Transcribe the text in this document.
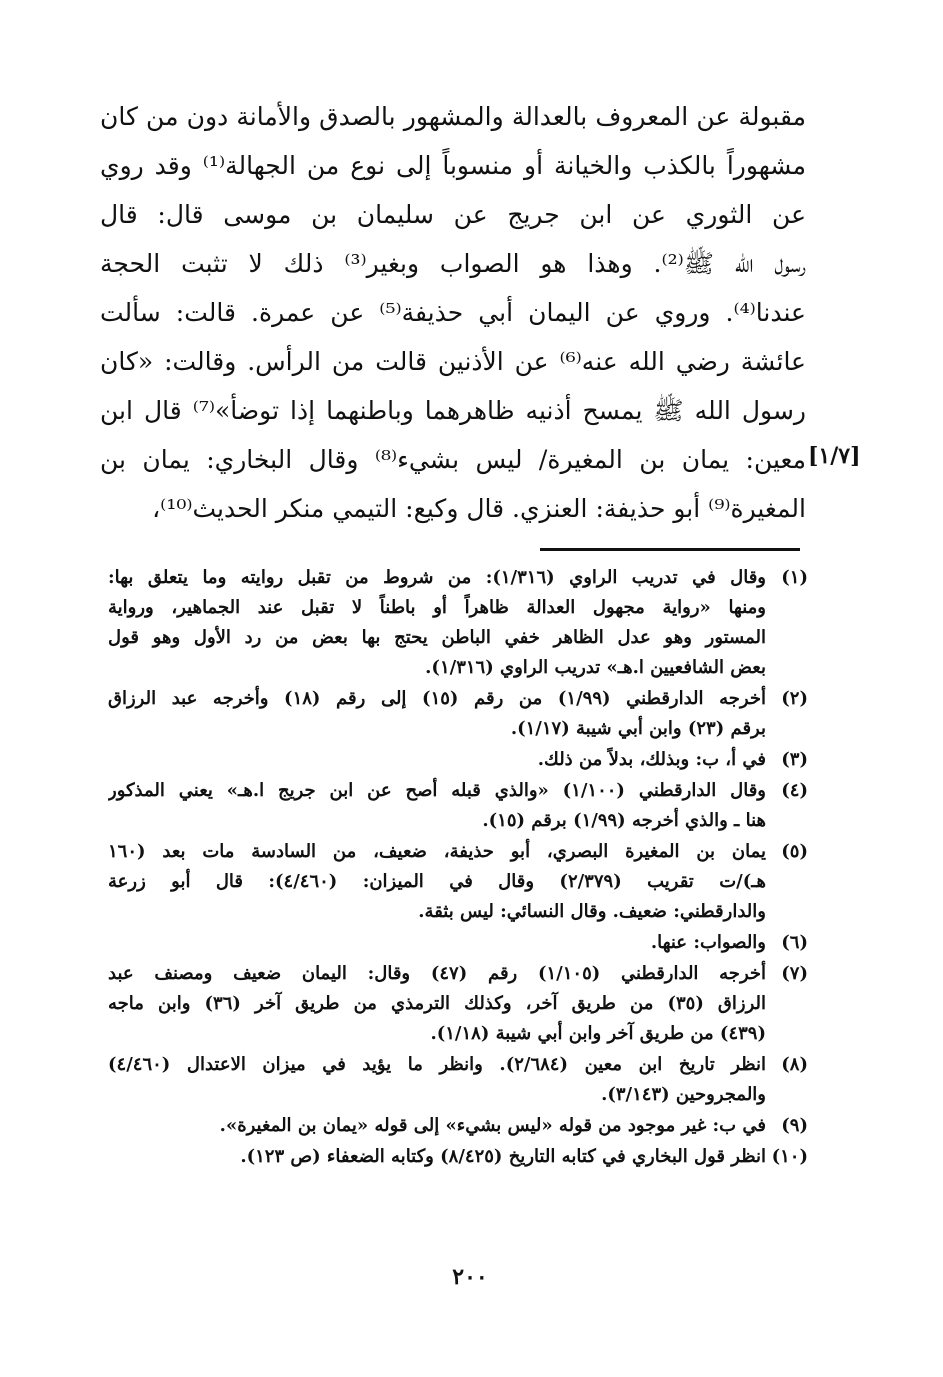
مقبولة عن المعروف بالعدالة والمشهور بالصدق والأمانة دون من كان
مشهوراً بالكذب والخيانة أو منسوباً إلى نوع من الجهالة⁽¹⁾ وقد روي
عن الثوري عن ابن جريج عن سليمان بن موسى قال: قال
رسول الله ﷺ⁽²⁾. وهذا هو الصواب وبغير⁽³⁾ ذلك لا تثبت الحجة
عندنا⁽⁴⁾. وروي عن اليمان أبي حذيفة⁽⁵⁾ عن عمرة. قالت: سألت
عائشة رضي الله عنه⁽⁶⁾ عن الأذنين قالت من الرأس. وقالت: «كان
رسول الله ﷺ يمسح أذنيه ظاهرهما وباطنهما إذا توضأ»⁽⁷⁾ قال ابن
معين: يمان بن المغيرة/ ليس بشيء⁽⁸⁾ وقال البخاري: يمان بن
المغيرة⁽⁹⁾ أبو حذيفة: العنزي. قال وكيع: التيمي منكر الحديث⁽¹⁰⁾،
[١/٧]
(١)
وقال في تدريب الراوي (١/٣١٦): من شروط من تقبل روايته وما يتعلق بها:
ومنها «رواية مجهول العدالة ظاهراً أو باطناً لا تقبل عند الجماهير، ورواية
المستور وهو عدل الظاهر خفي الباطن يحتج بها بعض من رد الأول وهو قول
بعض الشافعيين ا.هـ» تدريب الراوي (١/٣١٦).
(٢)
أخرجه الدارقطني (١/٩٩) من رقم (١٥) إلى رقم (١٨) وأخرجه عبد الرزاق
برقم (٢٣) وابن أبي شيبة (١/١٧).
(٣)
في أ، ب: وبذلك، بدلاً من ذلك.
(٤)
وقال الدارقطني (١/١٠٠) «والذي قبله أصح عن ابن جريج ا.هـ» يعني المذكور
هنا ـ والذي أخرجه (١/٩٩) برقم (١٥).
(٥)
يمان بن المغيرة البصري، أبو حذيفة، ضعيف، من السادسة مات بعد (١٦٠
هـ)/ت تقريب (٢/٣٧٩) وقال في الميزان: (٤/٤٦٠): قال أبو زرعة
والدارقطني: ضعيف. وقال النسائي: ليس بثقة.
(٦)
والصواب: عنها.
(٧)
أخرجه الدارقطني (١/١٠٥) رقم (٤٧) وقال: اليمان ضعيف ومصنف عبد
الرزاق (٣٥) من طريق آخر، وكذلك الترمذي من طريق آخر (٣٦) وابن ماجه
(٤٣٩) من طريق آخر وابن أبي شيبة (١/١٨).
(٨)
انظر تاريخ ابن معين (٢/٦٨٤). وانظر ما يؤيد في ميزان الاعتدال (٤/٤٦٠)
والمجروحين (٣/١٤٣).
(٩)
في ب: غير موجود من قوله «ليس بشيء» إلى قوله «يمان بن المغيرة».
(١٠)
انظر قول البخاري في كتابه التاريخ (٨/٤٢٥) وكتابه الضعفاء (ص ١٢٣).
٢٠٠
